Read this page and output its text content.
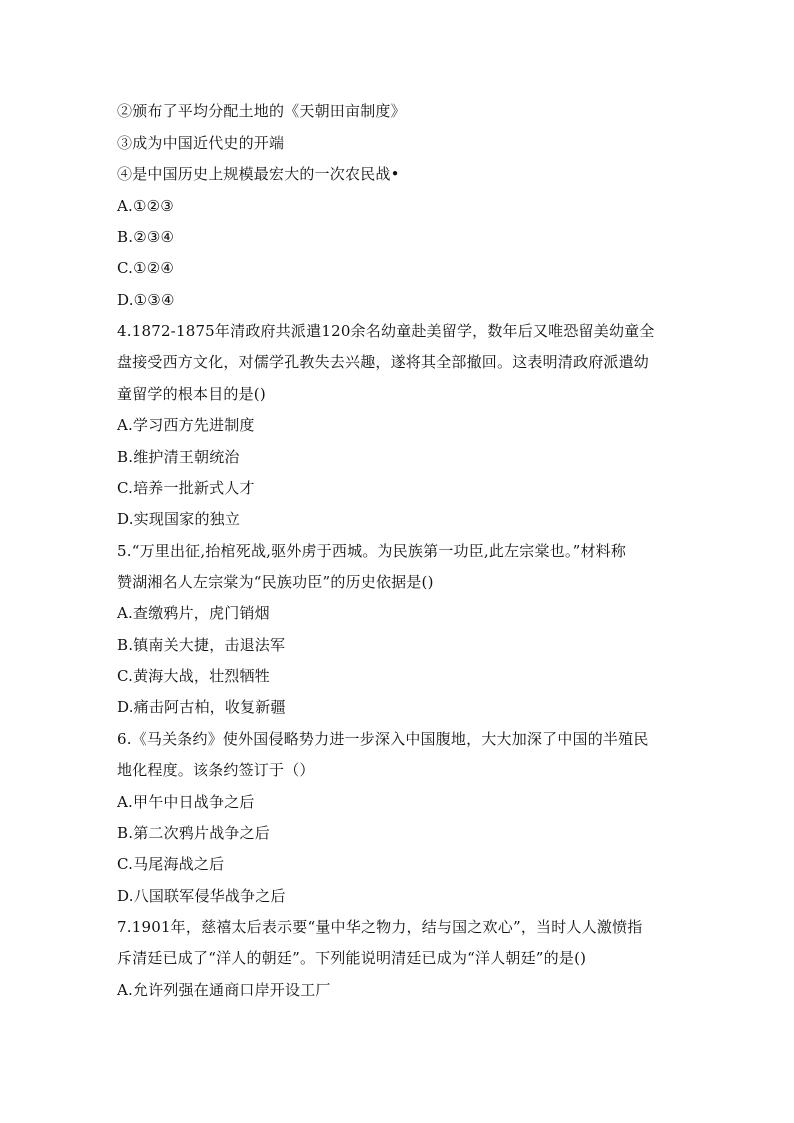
②颁布了平均分配土地的《天朝田亩制度》
③成为中国近代史的开端
④是中国历史上规模最宏大的一次农民战•
A.①②③
B.②③④
C.①②④
D.①③④
4.1872-1875年清政府共派遣120余名幼童赴美留学，数年后又唯恐留美幼童全
盘接受西方文化，对儒学孔教失去兴趣，遂将其全部撤回。这表明清政府派遣幼
童留学的根本目的是()
A.学习西方先进制度
B.维护清王朝统治
C.培养一批新式人才
D.实现国家的独立
5.“万里出征,抬棺死战,驱外虏于西城。为民族第一功臣,此左宗棠也。”材料称
赞湖湘名人左宗棠为“民族功臣”的历史依据是()
A.查缴鸦片，虎门销烟
B.镇南关大捷，击退法军
C.黄海大战，壮烈牺牲
D.痛击阿古柏，收复新疆
6.《马关条约》使外国侵略势力进一步深入中国腹地，大大加深了中国的半殖民
地化程度。该条约签订于（）
A.甲午中日战争之后
B.第二次鸦片战争之后
C.马尾海战之后
D.八国联军侵华战争之后
7.1901年，慈禧太后表示要“量中华之物力，结与国之欢心”，当时人人激愤指
斥清廷已成了“洋人的朝廷”。下列能说明清廷已成为“洋人朝廷”的是()
A.允许列强在通商口岸开设工厂
